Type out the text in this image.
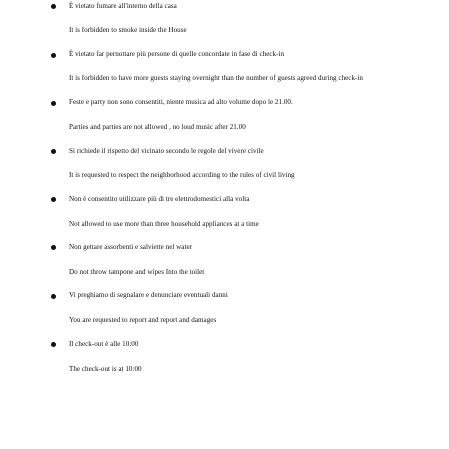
È vietato fumare all'interno della casa
It is forbidden to smoke inside the House
È vietato far pernottare più persone di quelle concordate in fase di check-in
It is forbidden to have more guests staying overnight than the number of guests agreed during check-in
Feste e party non sono consentiti, niente musica ad alto volume dopo le 21.00.
Parties and parties are not allowed , no loud music after 21.00
Si richiede il rispetto del vicinato secondo le regole del vivere civile
It is requested to respect the neighborhood according to the rules of civil living
Non è consentito utilizzare più di tre elettrodomestici alla volta
Not allowed to use more than three household appliances at a time
Non gettare assorbenti e salviette nel water
Do not throw tampone and wipes Into the toilet
Vi preghiamo di segnalare e denunciare eventuali danni
You are requested to report and report and damages
Il check-out è alle 10:00
The check-out is at 10:00
